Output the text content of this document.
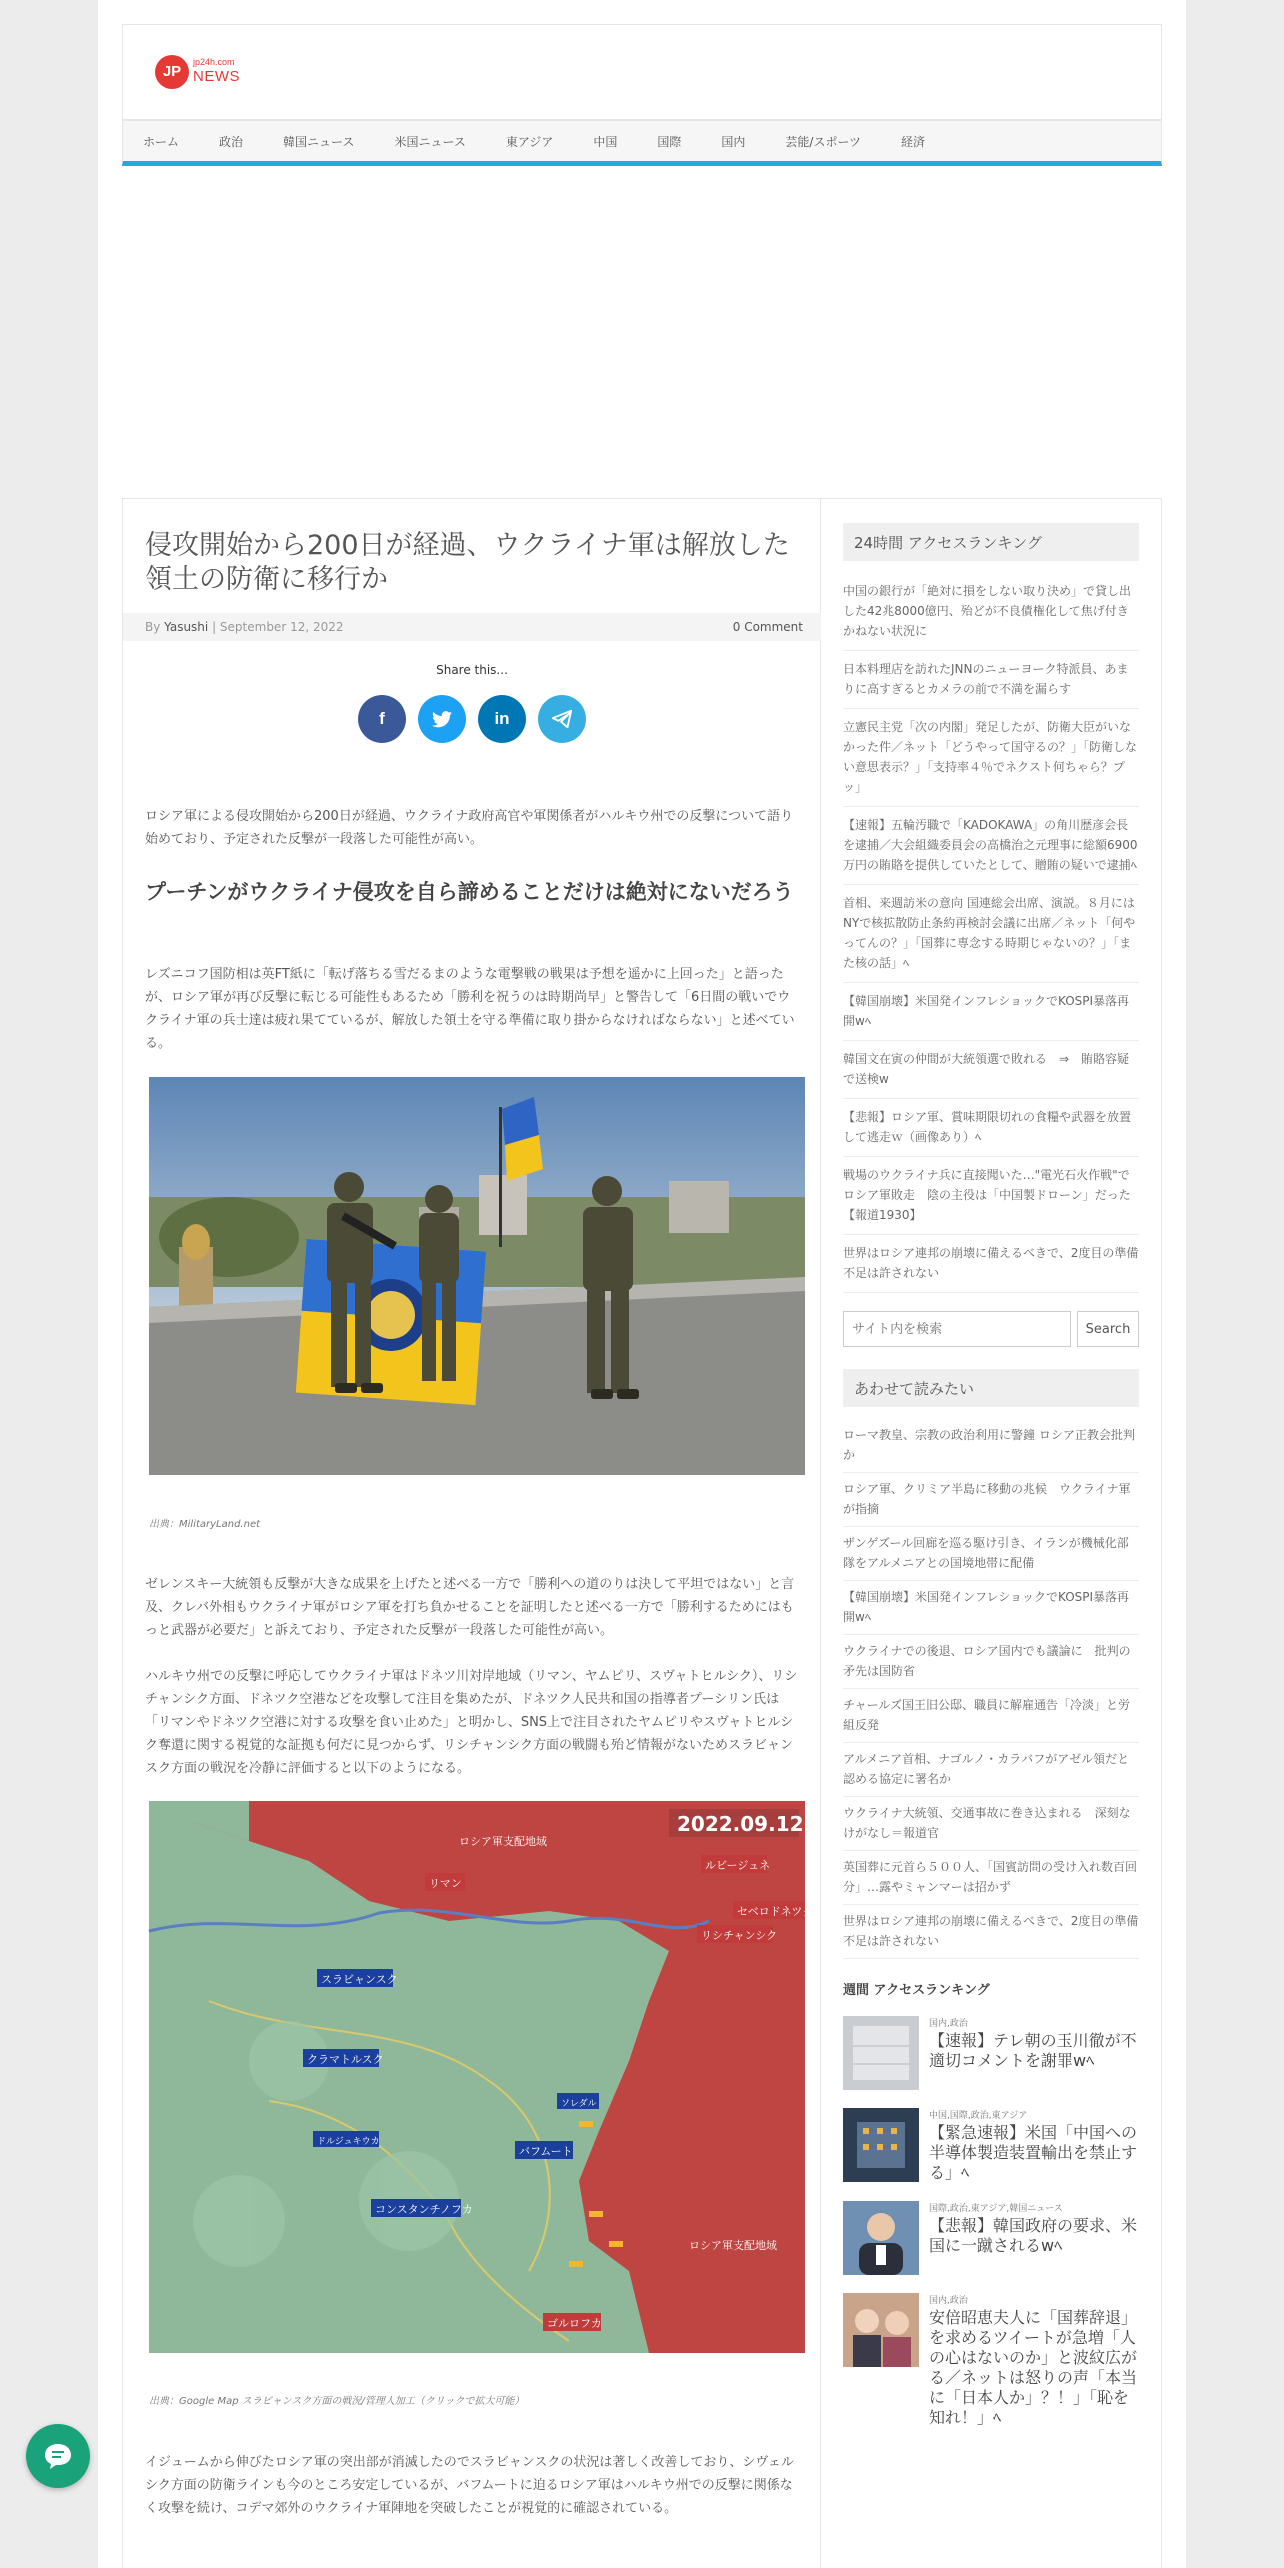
JP
jp24h.com
NEWS
ホーム	政治	韓国ニュース	米国ニュース	東アジア	中国	国際	国内	芸能/スポーツ	経済
侵攻開始から200日が経過、ウクライナ軍は解放した領土の防衛に移行か
By Yasushi | September 12, 2022	0 Comment
Share this...
f	in

ロシア軍による侵攻開始から200日が経過、ウクライナ政府高官や軍関係者がハルキウ州での反撃について語り始めており、予定された反撃が一段落した可能性が高い。

プーチンがウクライナ侵攻を自ら諦めることだけは絶対にないだろう

レズニコフ国防相は英FT紙に「転げ落ちる雪だるまのような電撃戦の戦果は予想を遥かに上回った」と語ったが、ロシア軍が再び反撃に転じる可能性もあるため「勝利を祝うのは時期尚早」と警告して「6日間の戦いでウクライナ軍の兵士達は疲れ果てているが、解放した領土を守る準備に取り掛からなければならない」と述べている。

出典：MilitaryLand.net

ゼレンスキー大統領も反撃が大きな成果を上げたと述べる一方で「勝利への道のりは決して平坦ではない」と言及、クレバ外相もウクライナ軍がロシア軍を打ち負かせることを証明したと述べる一方で「勝利するためにはもっと武器が必要だ」と訴えており、予定された反撃が一段落した可能性が高い。

ハルキウ州での反撃に呼応してウクライナ軍はドネツ川対岸地域（リマン、ヤムピリ、スヴャトヒルシク）、リシチャンシク方面、ドネツク空港などを攻撃して注目を集めたが、ドネツク人民共和国の指導者プーシリン氏は「リマンやドネツク空港に対する攻撃を食い止めた」と明かし、SNS上で注目されたヤムピリやスヴャトヒルシク奪還に関する視覚的な証拠も何だに見つからず、リシチャンシク方面の戦闘も殆ど情報がないためスラビャンスク方面の戦況を冷静に評価すると以下のようになる。

2022.09.12
ロシア軍支配地域
リマン
ルビージュネ
セベロドネツク
リシチャンシク
スラビャンスク
クラマトルスク
ドルジュキウカ
バフムート
ソレダル
コンスタンチノフカ
ゴルロフカ
ロシア軍支配地域
出典：Google Map スラビャンスク方面の戦況/管理人加工（クリックで拡大可能）

イジュームから伸びたロシア軍の突出部が消滅したのでスラビャンスクの状況は著しく改善しており、シヴェルシク方面の防衛ラインも今のところ安定しているが、バフムートに迫るロシア軍はハルキウ州での反撃に関係なく攻撃を続け、コデマ郊外のウクライナ軍陣地を突破したことが視覚的に確認されている。

24時間 アクセスランキング
中国の銀行が「絶対に損をしない取り決め」で貸し出した42兆8000億円、殆どが不良債権化して焦げ付きかねない状況に
日本料理店を訪れたJNNのニューヨーク特派員、あまりに高すぎるとカメラの前で不満を漏らす
立憲民主党「次の内閣」発足したが、防衛大臣がいなかった件／ネット「どうやって国守るの？」「防衛しない意思表示？」「支持率４％でネクスト何ちゃら？プッ」
【速報】五輪汚職で「KADOKAWA」の角川歴彦会長を逮捕／大会組織委員会の高橋治之元理事に総額6900万円の賄賂を提供していたとして、贈賄の疑いで逮捕ﾍ
首相、来週訪米の意向 国連総会出席、演説。８月にはNYで核拡散防止条約再検討会議に出席／ネット「何やってんの？」「国葬に専念する時期じゃないの？」「また核の話」ﾍ
【韓国崩壊】米国発インフレショックでKOSPI暴落再開wﾍ
韓国文在寅の仲間が大統領選で敗れる　⇒　賄賂容疑で送検w
【悲報】ロシア軍、賞味期限切れの食糧や武器を放置して逃走ｗ（画像あり）ﾍ
戦場のウクライナ兵に直接聞いた…"電光石火作戦"でロシア軍敗走　陰の主役は「中国製ドローン」だった【報道1930】
世界はロシア連邦の崩壊に備えるべきで、2度目の準備不足は許されない
サイト内を検索
Search
あわせて読みたい
ローマ教皇、宗教の政治利用に警鐘 ロシア正教会批判か
ロシア軍、クリミア半島に移動の兆候　ウクライナ軍が指摘
ザンゲズール回廊を巡る駆け引き、イランが機械化部隊をアルメニアとの国境地帯に配備
【韓国崩壊】米国発インフレショックでKOSPI暴落再開wﾍ
ウクライナでの後退、ロシア国内でも議論に　批判の矛先は国防省
チャールズ国王旧公邸、職員に解雇通告「冷淡」と労組反発
アルメニア首相、ナゴルノ・カラバフがアゼル領だと認める協定に署名か
ウクライナ大統領、交通事故に巻き込まれる　深刻なけがなし＝報道官
英国葬に元首ら５００人、「国賓訪問の受け入れ数百回分」…露やミャンマーは招かず
世界はロシア連邦の崩壊に備えるべきで、2度目の準備不足は許されない
週間 アクセスランキング
国内,政治
【速報】テレ朝の玉川徹が不適切コメントを謝罪wﾍ
中国,国際,政治,東アジア
【緊急速報】米国「中国への半導体製造装置輸出を禁止する」ﾍ
国際,政治,東アジア,韓国ニュース
【悲報】韓国政府の要求、米国に一蹴されるwﾍ
国内,政治
安倍昭恵夫人に「国葬辞退」を求めるツイートが急増「人の心はないのか」と波紋広がる／ネットは怒りの声「本当に「日本人か」？！」「恥を知れ！」ﾍ
